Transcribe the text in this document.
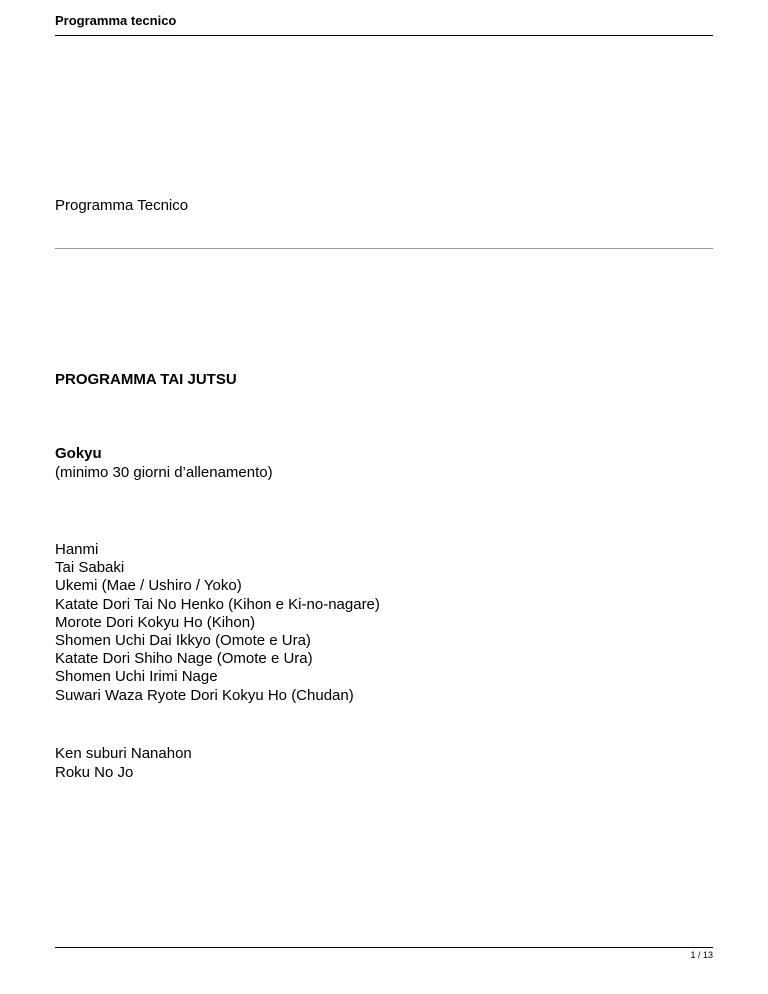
Programma tecnico
Programma Tecnico
PROGRAMMA TAI JUTSU
Gokyu
(minimo 30 giorni d’allenamento)
Hanmi
Tai Sabaki
Ukemi (Mae / Ushiro / Yoko)
Katate Dori Tai No Henko (Kihon e Ki-no-nagare)
Morote Dori Kokyu Ho (Kihon)
Shomen Uchi Dai Ikkyo (Omote e Ura)
Katate Dori Shiho Nage (Omote e Ura)
Shomen Uchi Irimi Nage
Suwari Waza Ryote Dori Kokyu Ho (Chudan)
Ken suburi Nanahon
Roku No Jo
1 / 13
